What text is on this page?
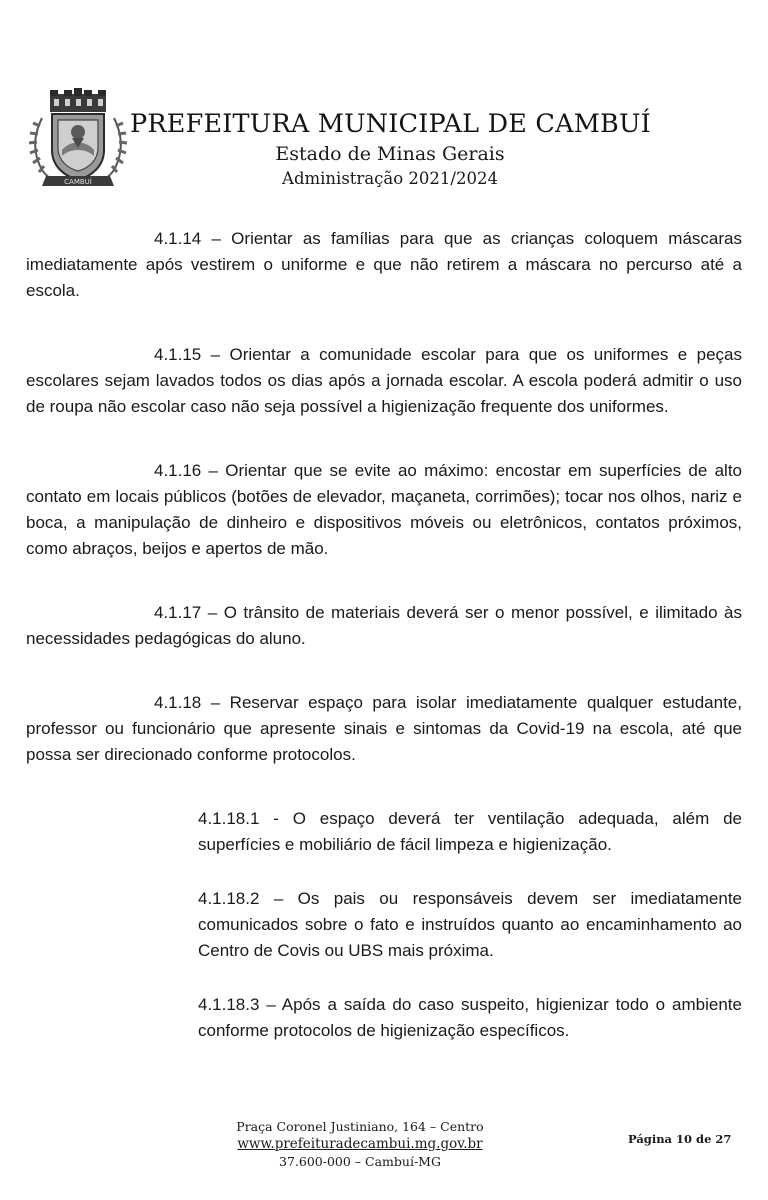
CAMBUÍ
PREFEITURA MUNICIPAL DE CAMBUÍ
Estado de Minas Gerais
Administração 2021/2024

4.1.14 – Orientar as famílias para que as crianças coloquem máscaras imediatamente após vestirem o uniforme e que não retirem a máscara no percurso até a escola.

4.1.15 – Orientar a comunidade escolar para que os uniformes e peças escolares sejam lavados todos os dias após a jornada escolar. A escola poderá admitir o uso de roupa não escolar caso não seja possível a higienização frequente dos uniformes.

4.1.16 – Orientar que se evite ao máximo: encostar em superfícies de alto contato em locais públicos (botões de elevador, maçaneta, corrimões); tocar nos olhos, nariz e boca, a manipulação de dinheiro e dispositivos móveis ou eletrônicos, contatos próximos, como abraços, beijos e apertos de mão.

4.1.17 – O trânsito de materiais deverá ser o menor possível, e ilimitado às necessidades pedagógicas do aluno.

4.1.18 – Reservar espaço para isolar imediatamente qualquer estudante, professor ou funcionário que apresente sinais e sintomas da Covid-19 na escola, até que possa ser direcionado conforme protocolos.

4.1.18.1 - O espaço deverá ter ventilação adequada, além de superfícies e mobiliário de fácil limpeza e higienização.

4.1.18.2 – Os pais ou responsáveis devem ser imediatamente comunicados sobre o fato e instruídos quanto ao encaminhamento ao Centro de Covis ou UBS mais próxima.

4.1.18.3 – Após a saída do caso suspeito, higienizar todo o ambiente conforme protocolos de higienização específicos.

Praça Coronel Justiniano, 164 – Centro
www.prefeituradecambui.mg.gov.br
37.600-000 – Cambuí-MG
Página 10 de 27
